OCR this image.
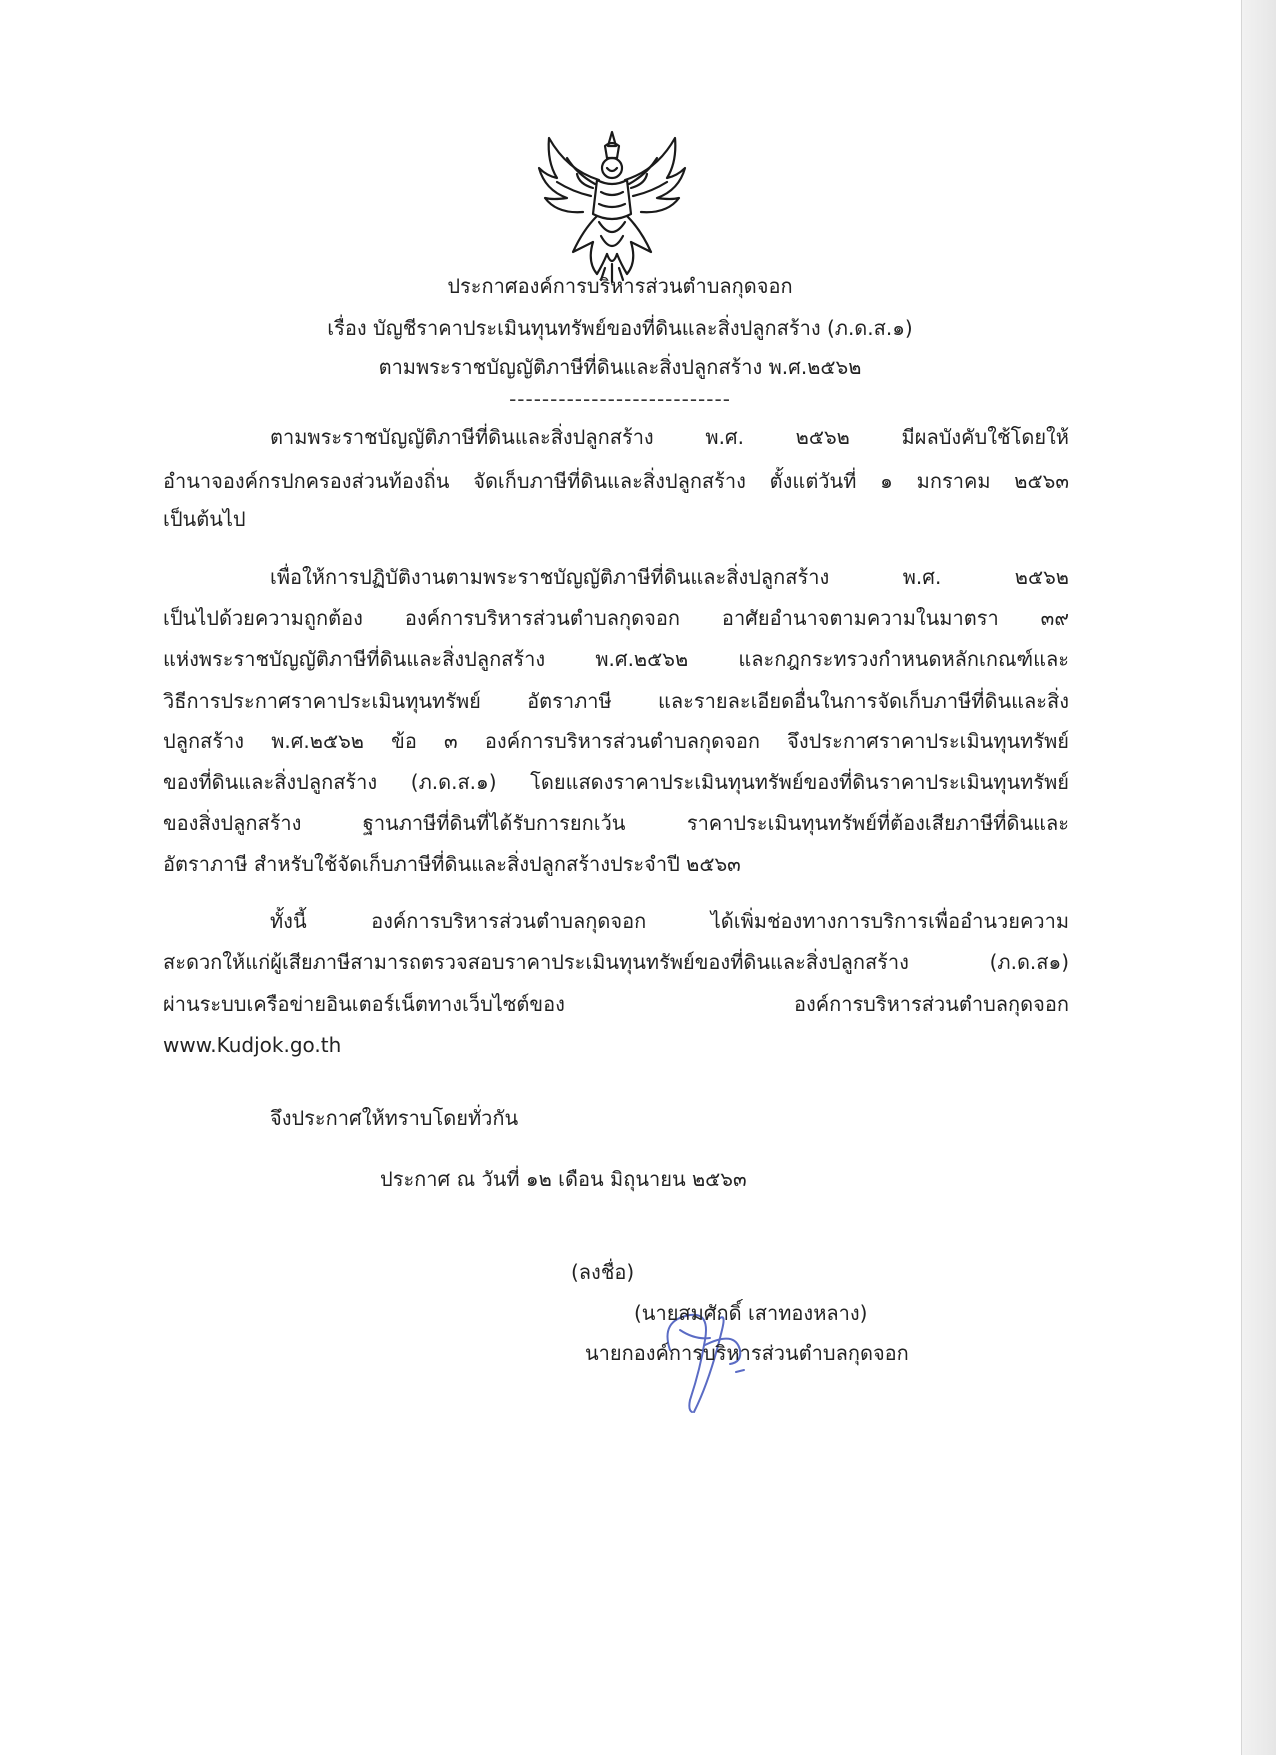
ประกาศองค์การบริหารส่วนตำบลกุดจอก
เรื่อง บัญชีราคาประเมินทุนทรัพย์ของที่ดินและสิ่งปลูกสร้าง (ภ.ด.ส.๑)
ตามพระราชบัญญัติภาษีที่ดินและสิ่งปลูกสร้าง พ.ศ.๒๕๖๒
---------------------------
ตามพระราชบัญญัติภาษีที่ดินและสิ่งปลูกสร้าง พ.ศ. ๒๕๖๒ มีผลบังคับใช้โดยให้
อำนาจองค์กรปกครองส่วนท้องถิ่น จัดเก็บภาษีที่ดินและสิ่งปลูกสร้าง ตั้งแต่วันที่ ๑ มกราคม ๒๕๖๓
เป็นต้นไป
เพื่อให้การปฏิบัติงานตามพระราชบัญญัติภาษีที่ดินและสิ่งปลูกสร้าง พ.ศ. ๒๕๖๒
เป็นไปด้วยความถูกต้อง องค์การบริหารส่วนตำบลกุดจอก อาศัยอำนาจตามความในมาตรา ๓๙
แห่งพระราชบัญญัติภาษีที่ดินและสิ่งปลูกสร้าง พ.ศ.๒๕๖๒ และกฎกระทรวงกำหนดหลักเกณฑ์และ
วิธีการประกาศราคาประเมินทุนทรัพย์ อัตราภาษี และรายละเอียดอื่นในการจัดเก็บภาษีที่ดินและสิ่ง
ปลูกสร้าง พ.ศ.๒๕๖๒ ข้อ ๓ องค์การบริหารส่วนตำบลกุดจอก จึงประกาศราคาประเมินทุนทรัพย์
ของที่ดินและสิ่งปลูกสร้าง (ภ.ด.ส.๑) โดยแสดงราคาประเมินทุนทรัพย์ของที่ดินราคาประเมินทุนทรัพย์
ของสิ่งปลูกสร้าง ฐานภาษีที่ดินที่ได้รับการยกเว้น ราคาประเมินทุนทรัพย์ที่ต้องเสียภาษีที่ดินและ
อัตราภาษี สำหรับใช้จัดเก็บภาษีที่ดินและสิ่งปลูกสร้างประจำปี ๒๕๖๓
ทั้งนี้ องค์การบริหารส่วนตำบลกุดจอก ได้เพิ่มช่องทางการบริการเพื่ออำนวยความ
สะดวกให้แก่ผู้เสียภาษีสามารถตรวจสอบราคาประเมินทุนทรัพย์ของที่ดินและสิ่งปลูกสร้าง (ภ.ด.ส๑)
ผ่านระบบเครือข่ายอินเตอร์เน็ตทางเว็บไซต์ของ องค์การบริหารส่วนตำบลกุดจอก
www.Kudjok.go.th
จึงประกาศให้ทราบโดยทั่วกัน
ประกาศ ณ วันที่ ๑๒ เดือน มิถุนายน ๒๕๖๓
(ลงชื่อ)
(นายสมศักดิ์ เสาทองหลาง)
นายกองค์การบริหารส่วนตำบลกุดจอก
